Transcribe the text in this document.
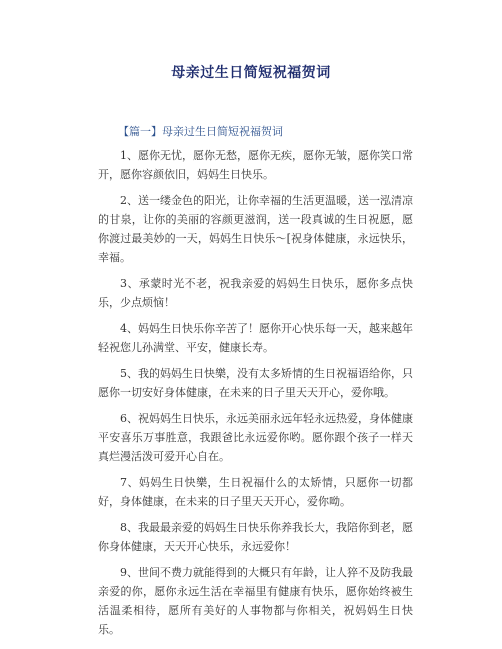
母亲过生日简短祝福贺词
【篇一】母亲过生日简短祝福贺词

1、愿你无忧，愿你无愁，愿你无疾，愿你无皱，愿你笑口常开，愿你容颜依旧，妈妈生日快乐。

2、送一缕金色的阳光，让你幸福的生活更温暖，送一泓清凉的甘泉，让你的美丽的容颜更滋润，送一段真诚的生日祝愿，愿你渡过最美妙的一天，妈妈生日快乐～[祝身体健康，永远快乐，幸福。

3、承蒙时光不老，祝我亲爱的妈妈生日快乐，愿你多点快乐，少点烦恼！

4、妈妈生日快乐你辛苦了！愿你开心快乐每一天，越来越年轻祝您儿孙满堂、平安，健康长寿。

5、我的妈妈生日快樂，没有太多矫情的生日祝福语给你，只愿你一切安好身体健康，在未来的日子里天天开心，爱你哦。

6、祝妈妈生日快乐，永远美丽永远年轻永远热爱，身体健康平安喜乐万事胜意，我跟爸比永远爱你哟。愿你跟个孩子一样天真烂漫活泼可爱开心自在。

7、妈妈生日快樂，生日祝福什么的太矫情，只愿你一切都好，身体健康，在未来的日子里天天开心，爱你呦。

8、我最最亲爱的妈妈生日快乐你养我长大，我陪你到老，愿你身体健康，天天开心快乐，永远爱你！

9、世间不费力就能得到的大概只有年龄，让人猝不及防我最亲爱的你，愿你永远生活在幸福里有健康有快乐，愿你始终被生活温柔相待，愿所有美好的人事物都与你相关，祝妈妈生日快乐。
